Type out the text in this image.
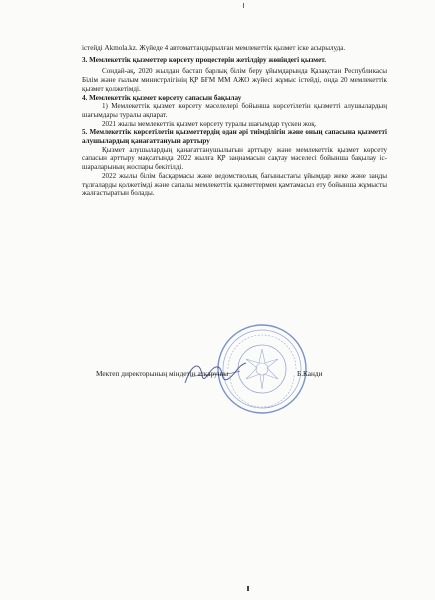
істейді Akmola.kz. Жүйеде 4 автоматтандырылған мемлекеттік қызмет іске асырылуда.

3. Мемлекеттік қызметтер көрсету процестерін жетілдіру жөніндегі қызмет.

Сондай-ақ, 2020 жылдан бастап барлық білім беру ұйымдарында Қазақстан Республикасы Білім және ғылым министрлігінің ҚР БҒМ ММ АЖО жүйесі жұмыс істейді, онда 20 мемлекеттік қызмет қолжетімді.

4. Мемлекеттік қызмет көрсету сапасын бақылау

1) Мемлекеттік қызмет көрсету мәселелері бойынша көрсетілетін қызметті алушылардың шағымдары туралы ақпарат.

2021 жылы мемлекеттік қызмет көрсету туралы шағымдар түскен жоқ.

5. Мемлекеттік көрсетілетін қызметтердің одан әрі тиімділігін және оның сапасына қызметті алушылардың қанағаттануын арттыру

Қызмет алушылардың қанағаттанушылығын арттыру және мемлекеттік қызмет көрсету сапасын арттыру мақсатында 2022 жылға ҚР заңнамасын сақтау мәселесі бойынша бақылау іс-шараларының жоспары бекітілді.

2022 жылы білім басқармасы және ведомстволық бағыныстағы ұйымдар жеке және заңды тұлғаларды қолжетімді және сапалы мемлекеттік қызметтермен қамтамасыз ету бойынша жұмысты жалғастыратын болады.

Мектеп директорының міндетін атқарушы	Б.Канди
